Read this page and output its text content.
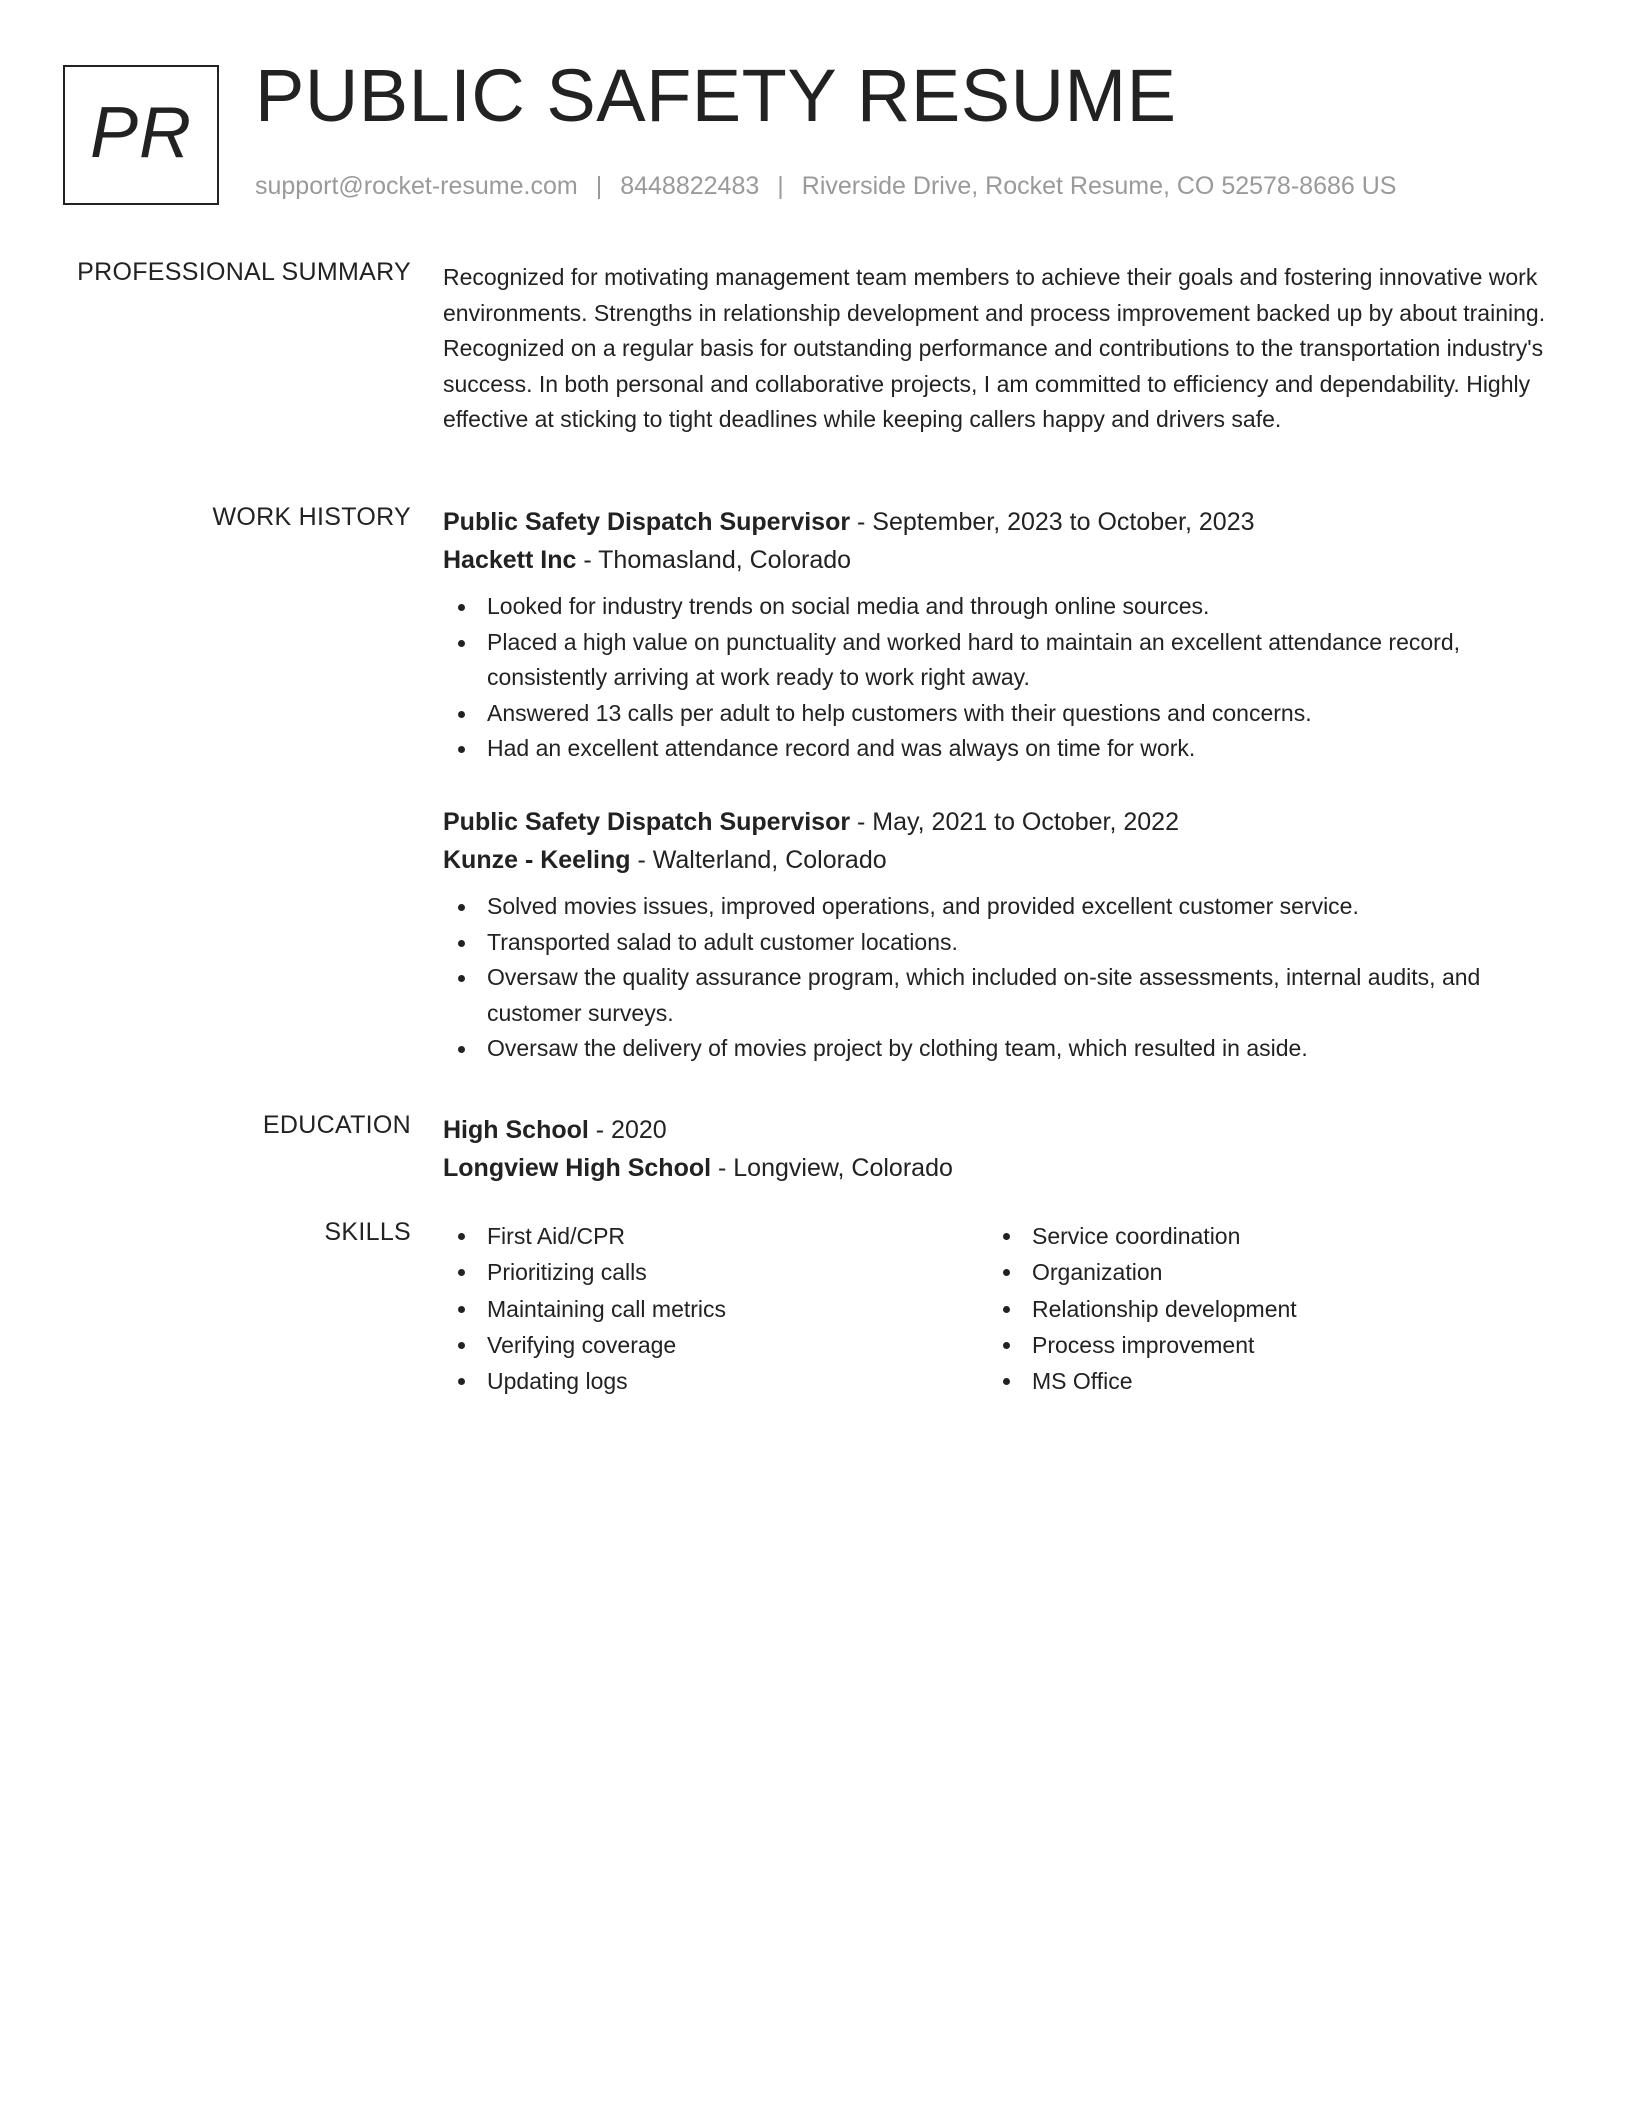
PR PUBLIC SAFETY RESUME
support@rocket-resume.com | 8448822483 | Riverside Drive, Rocket Resume, CO 52578-8686 US
PROFESSIONAL SUMMARY Recognized for motivating management team members to achieve their goals and fostering innovative work environments. Strengths in relationship development and process improvement backed up by about training. Recognized on a regular basis for outstanding performance and contributions to the transportation industry's success. In both personal and collaborative projects, I am committed to efficiency and dependability. Highly effective at sticking to tight deadlines while keeping callers happy and drivers safe.

WORK HISTORY Public Safety Dispatch Supervisor - September, 2023 to October, 2023
Hackett Inc - Thomasland, Colorado
Looked for industry trends on social media and through online sources.
Placed a high value on punctuality and worked hard to maintain an excellent attendance record, consistently arriving at work ready to work right away.
Answered 13 calls per adult to help customers with their questions and concerns.
Had an excellent attendance record and was always on time for work.
Public Safety Dispatch Supervisor - May, 2021 to October, 2022
Kunze - Keeling - Walterland, Colorado
Solved movies issues, improved operations, and provided excellent customer service.
Transported salad to adult customer locations.
Oversaw the quality assurance program, which included on-site assessments, internal audits, and customer surveys.
Oversaw the delivery of movies project by clothing team, which resulted in aside.
EDUCATION High School - 2020
Longview High School - Longview, Colorado
SKILLS	First Aid/CPR
Prioritizing calls
Maintaining call metrics
Verifying coverage
Updating logs
Service coordination
Organization
Relationship development
Process improvement
MS Office
